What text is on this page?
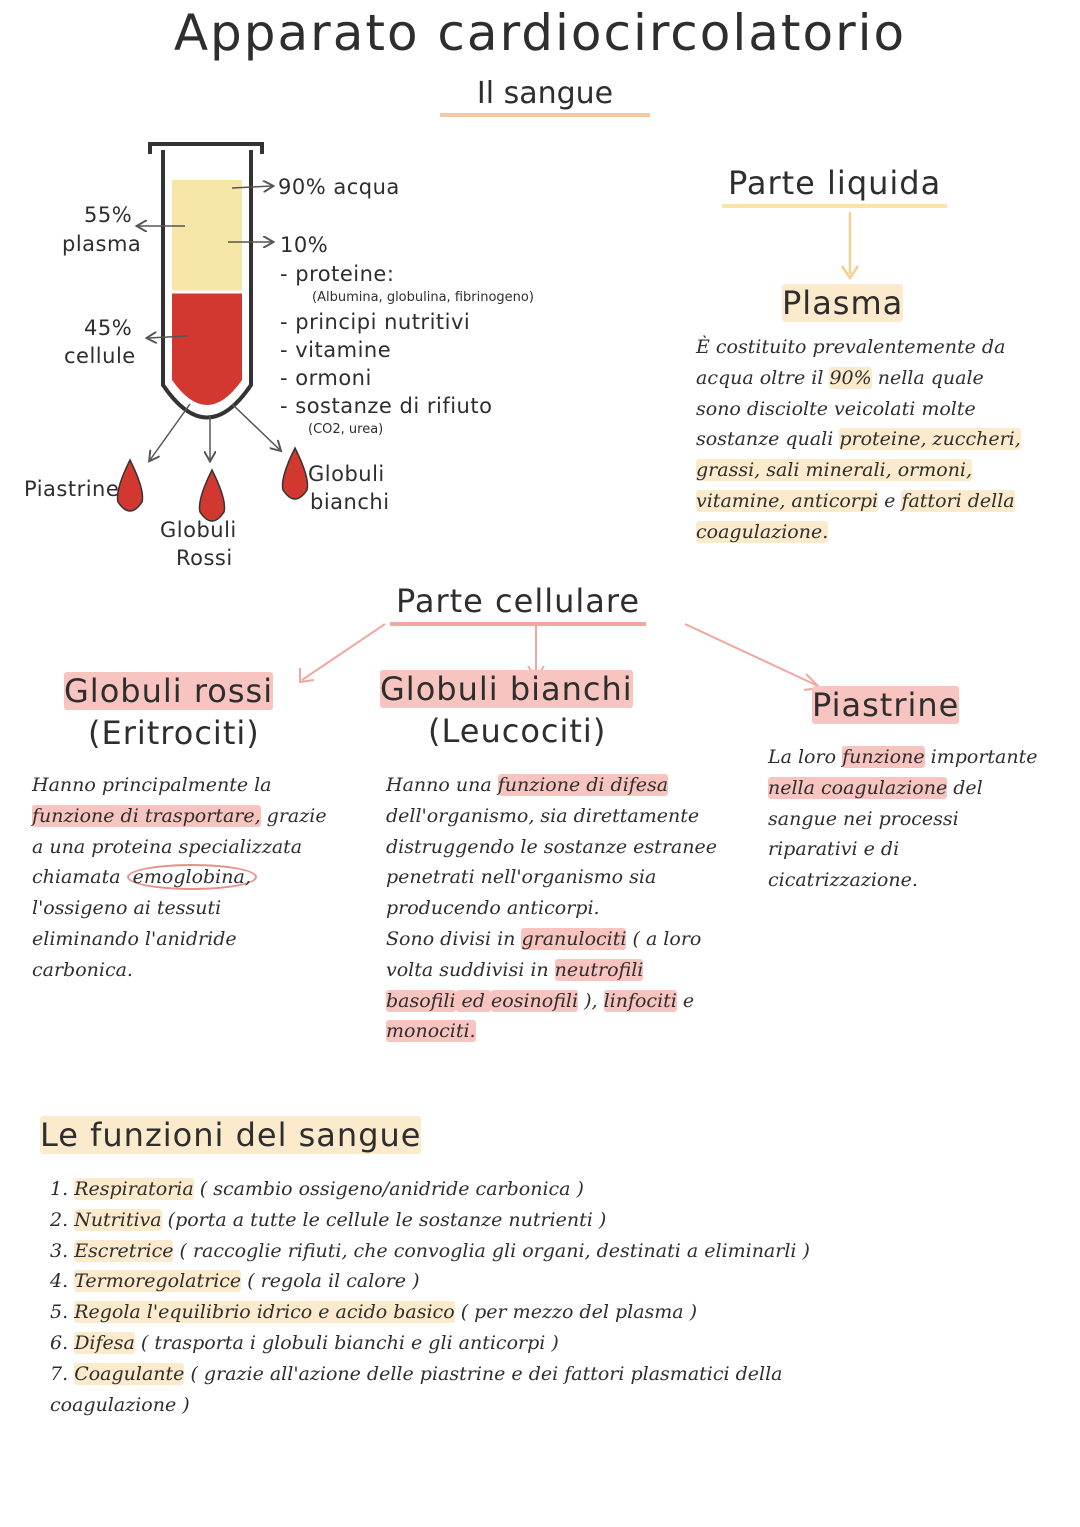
Apparato cardiocircolatorio
Il sangue
55%
plasma
45%
cellule
90% acqua
10%
- proteine:
(Albumina, globulina, fibrinogeno)
- principi nutritivi
- vitamine
- ormoni
- sostanze di rifiuto
(CO2, urea)
Piastrine
Globuli
Rossi
Globuli
bianchi
Parte liquida
Plasma
È costituito prevalentemente da
acqua oltre il 90% nella quale
sono disciolte veicolati molte
sostanze quali proteine, zuccheri,
grassi, sali minerali, ormoni,
vitamine, anticorpi e fattori della
coagulazione.
Parte cellulare
Globuli rossi
(Eritrociti)
Hanno principalmente la
funzione di trasportare, grazie
a una proteina specializzata
chiamata emoglobina,
l'ossigeno ai tessuti
eliminando l'anidride
carbonica.
Globuli bianchi
(Leucociti)
Hanno una funzione di difesa
dell'organismo, sia direttamente
distruggendo le sostanze estranee
penetrati nell'organismo sia
producendo anticorpi.
Sono divisi in granulociti ( a loro
volta suddivisi in neutrofili
basofili ed eosinofili ), linfociti e
monociti.
Piastrine
La loro funzione importante
nella coagulazione del
sangue nei processi
riparativi e di
cicatrizzazione.
Le funzioni del sangue
1. Respiratoria ( scambio ossigeno/anidride carbonica )
2. Nutritiva (porta a tutte le cellule le sostanze nutrienti )
3. Escretrice ( raccoglie rifiuti, che convoglia gli organi, destinati a eliminarli )
4. Termoregolatrice ( regola il calore )
5. Regola l'equilibrio idrico e acido basico ( per mezzo del plasma )
6. Difesa ( trasporta i globuli bianchi e gli anticorpi )
7. Coagulante ( grazie all'azione delle piastrine e dei fattori plasmatici della
coagulazione )
